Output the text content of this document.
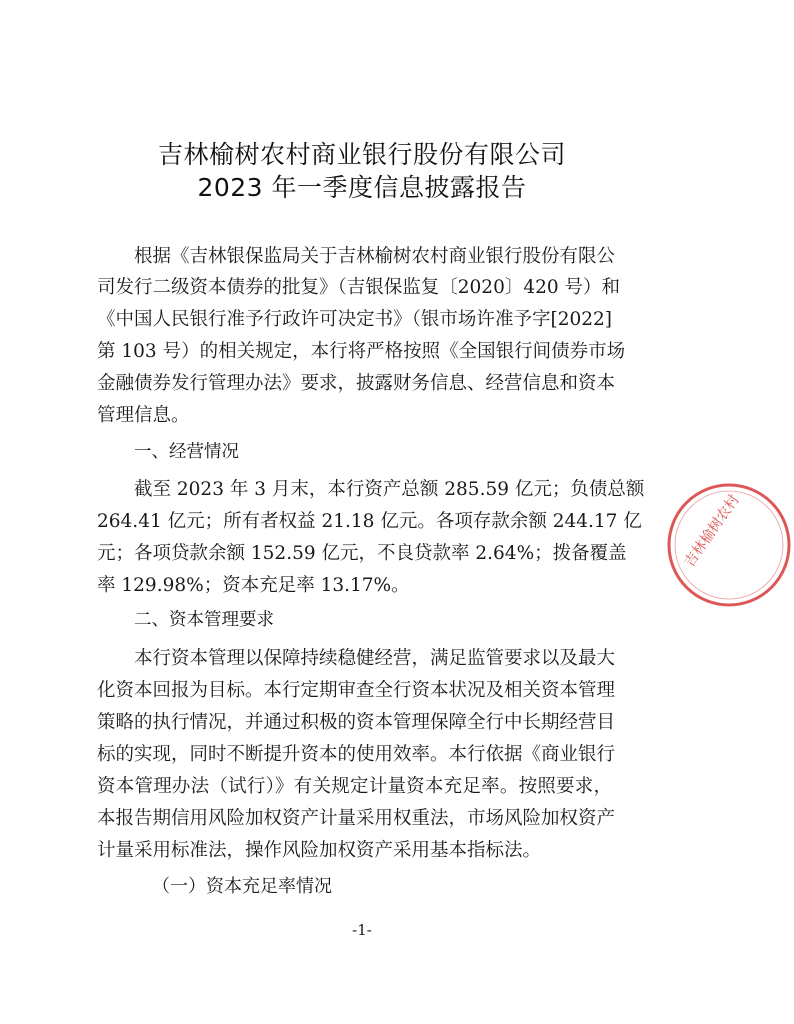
吉林榆树农村商业银行股份有限公司
2023 年一季度信息披露报告
根据《吉林银保监局关于吉林榆树农村商业银行股份有限公
司发行二级资本债券的批复》（吉银保监复〔2020〕420 号）和
《中国人民银行准予行政许可决定书》（银市场许准予字[2022]
第 103 号）的相关规定，本行将严格按照《全国银行间债券市场
金融债券发行管理办法》要求，披露财务信息、经营信息和资本
管理信息。
一、经营情况
截至 2023 年 3 月末，本行资产总额 285.59 亿元；负债总额
264.41 亿元；所有者权益 21.18 亿元。各项存款余额 244.17 亿
元；各项贷款余额 152.59 亿元，不良贷款率 2.64%；拨备覆盖
率 129.98%；资本充足率 13.17%。
二、资本管理要求
本行资本管理以保障持续稳健经营，满足监管要求以及最大
化资本回报为目标。本行定期审查全行资本状况及相关资本管理
策略的执行情况，并通过积极的资本管理保障全行中长期经营目
标的实现，同时不断提升资本的使用效率。本行依据《商业银行
资本管理办法（试行）》有关规定计量资本充足率。按照要求，
本报告期信用风险加权资产计量采用权重法，市场风险加权资产
计量采用标准法，操作风险加权资产采用基本指标法。
（一）资本充足率情况
-1-
吉林榆树农村
